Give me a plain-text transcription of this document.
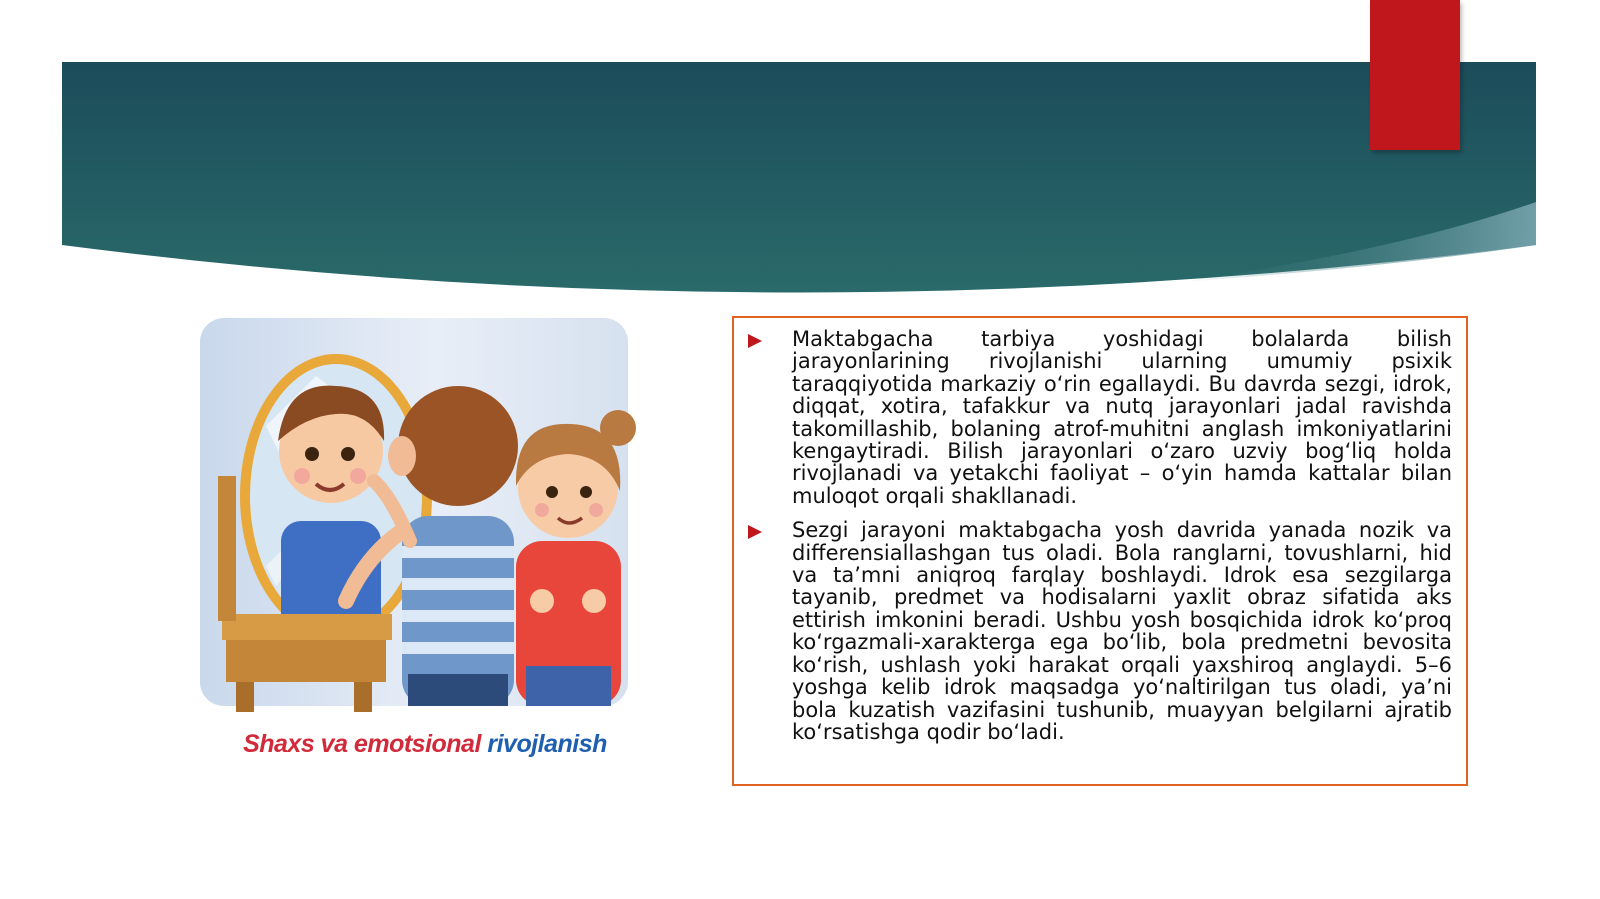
Shaxs va emotsional rivojlanish

Maktabgacha tarbiya yoshidagi bolalarda bilish jarayonlarining rivojlanishi ularning umumiy psixik taraqqiyotida markaziy o‘rin egallaydi. Bu davrda sezgi, idrok, diqqat, xotira, tafakkur va nutq jarayonlari jadal ravishda takomillashib, bolaning atrof-muhitni anglash imkoniyatlarini kengaytiradi. Bilish jarayonlari o‘zaro uzviy bog‘liq holda rivojlanadi va yetakchi faoliyat – o‘yin hamda kattalar bilan muloqot orqali shakllanadi.

Sezgi jarayoni maktabgacha yosh davrida yanada nozik va differensiallashgan tus oladi. Bola ranglarni, tovushlarni, hid va ta’mni aniqroq farqlay boshlaydi. Idrok esa sezgilarga tayanib, predmet va hodisalarni yaxlit obraz sifatida aks ettirish imkonini beradi. Ushbu yosh bosqichida idrok ko‘proq ko‘rgazmali-xarakterga ega bo‘lib, bola predmetni bevosita ko‘rish, ushlash yoki harakat orqali yaxshiroq anglaydi. 5–6 yoshga kelib idrok maqsadga yo‘naltirilgan tus oladi, ya’ni bola kuzatish vazifasini tushunib, muayyan belgilarni ajratib ko‘rsatishga qodir bo‘ladi.
